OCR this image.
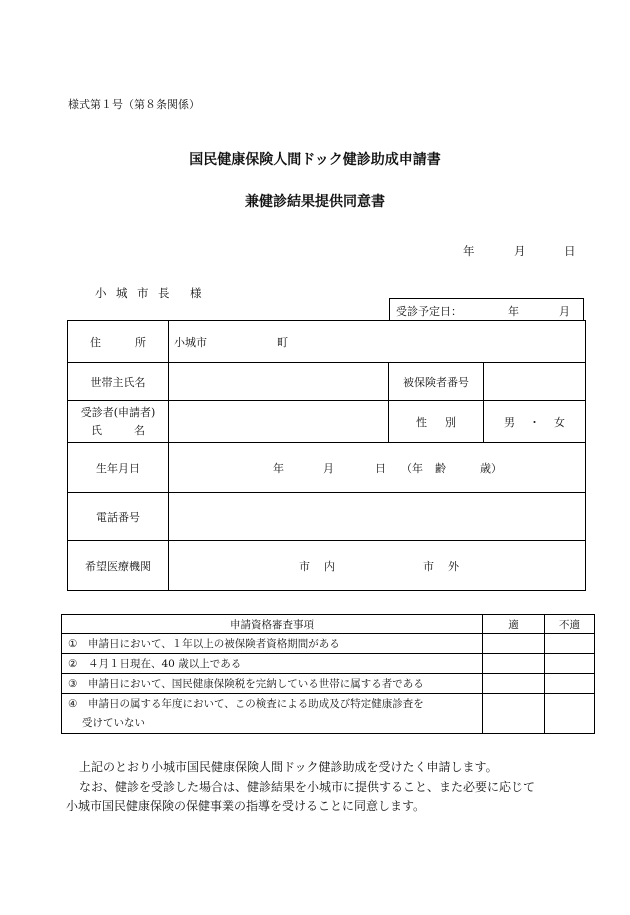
様式第１号（第８条関係）
国民健康保険人間ドック健診助成申請書
兼健診結果提供同意書
年	月	日
小 城 市 長 様
受診予定日：	年	月
住 所	小城市 町		
世帯主氏名		被保険者番号	

受診者(申請者)
氏 名		性 別	男 ・ 女
生年月日	年 月 日 （年 齢 歳）		
電話番号			
希望医療機関	市 内 市 外		
申請資格審査事項	適	不適
① 申請日において、１年以上の被保険者資格期間がある		
② ４月１日現在、40 歳以上である		
③ 申請日において、国民健康保険税を完納している世帯に属する者である		

④ 申請日の属する年度において、この検査による助成及び特定健康診査を
受けていない		

上記のとおり小城市国民健康保険人間ドック健診助成を受けたく申請します。
なお、健診を受診した場合は、健診結果を小城市に提供すること、また必要に応じて
小城市国民健康保険の保健事業の指導を受けることに同意します。
